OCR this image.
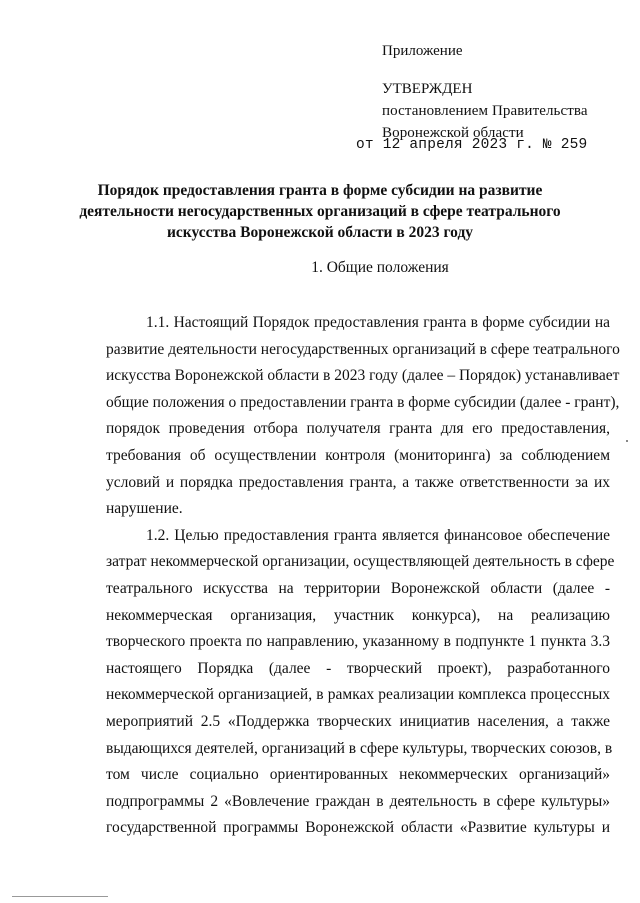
Приложение
УТВЕРЖДЕН
постановлением Правительства
Воронежской области
от 12 апреля 2023 г. № 259
Порядок предоставления гранта в форме субсидии на развитие
деятельности негосударственных организаций в сфере театрального
искусства Воронежской области в 2023 году
1. Общие положения
1.1. Настоящий Порядок предоставления гранта в форме субсидии на
развитие деятельности негосударственных организаций в сфере театрального
искусства Воронежской области в 2023 году (далее – Порядок) устанавливает
общие положения о предоставлении гранта в форме субсидии (далее - грант),
порядок проведения отбора получателя гранта для его предоставления,
требования об осуществлении контроля (мониторинга) за соблюдением
условий и порядка предоставления гранта, а также ответственности за их
нарушение.
1.2. Целью предоставления гранта является финансовое обеспечение
затрат некоммерческой организации, осуществляющей деятельность в сфере
театрального искусства на территории Воронежской области (далее -
некоммерческая организация, участник конкурса), на реализацию
творческого проекта по направлению, указанному в подпункте 1 пункта 3.3
настоящего Порядка (далее - творческий проект), разработанного
некоммерческой организацией, в рамках реализации комплекса процессных
мероприятий 2.5 «Поддержка творческих инициатив населения, а также
выдающихся деятелей, организаций в сфере культуры, творческих союзов, в
том числе социально ориентированных некоммерческих организаций»
подпрограммы 2 «Вовлечение граждан в деятельность в сфере культуры»
государственной программы Воронежской области «Развитие культуры и
